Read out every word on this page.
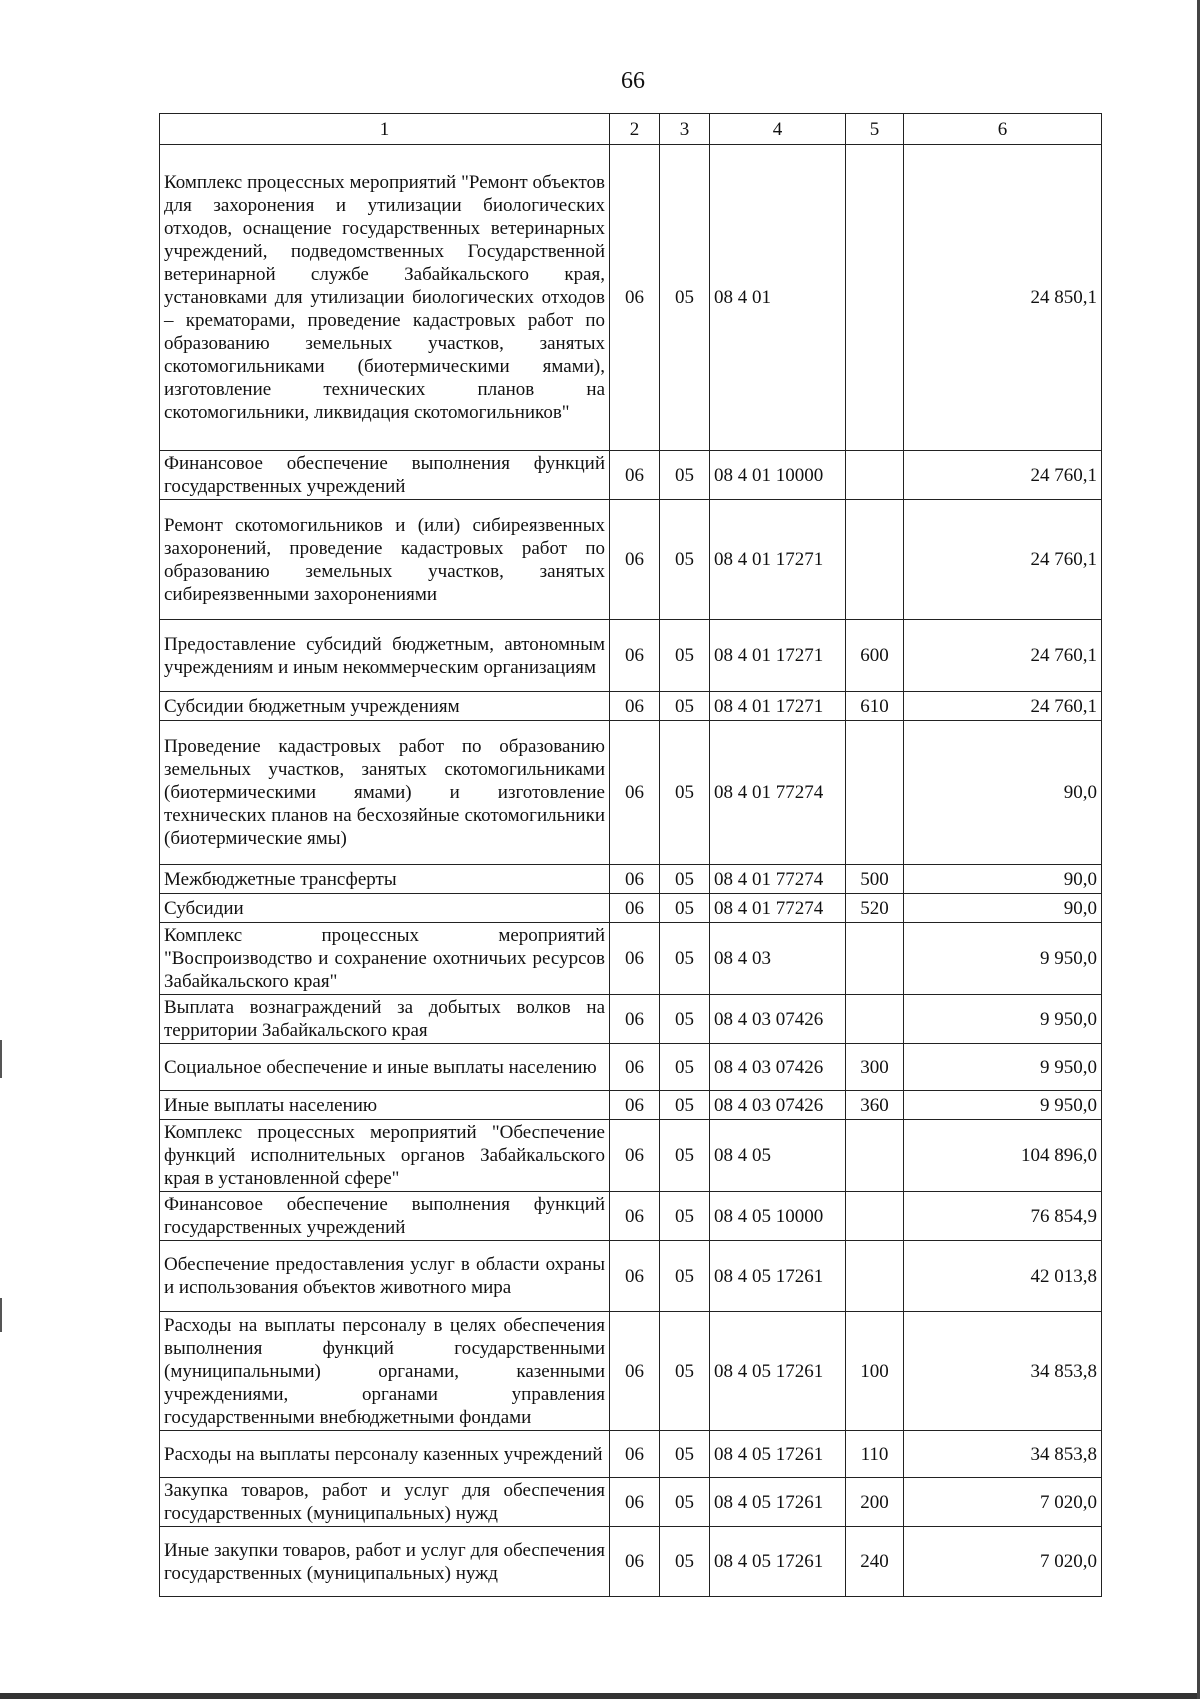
66
1	2	3	4	5	6
Комплекс процессных мероприятий "Ремонт объектов для захоронения и утилизации биологических отходов, оснащение государственных ветеринарных учреждений, подведомственных Государственной ветеринарной службе Забайкальского края, установками для утилизации биологических отходов – крематорами, проведение кадастровых работ по образованию земельных участков, занятых скотомогильниками (биотермическими ямами), изготовление технических планов на скотомогильники, ликвидация скотомогильников"	06	05	08 4 01		24 850,1
Финансовое обеспечение выполнения функций государственных учреждений	06	05	08 4 01 10000		24 760,1
Ремонт скотомогильников и (или) сибиреязвенных захоронений, проведение кадастровых работ по образованию земельных участков, занятых сибиреязвенными захоронениями	06	05	08 4 01 17271		24 760,1
Предоставление субсидий бюджетным, автономным учреждениям и иным некоммерческим организациям	06	05	08 4 01 17271	600	24 760,1
Субсидии бюджетным учреждениям	06	05	08 4 01 17271	610	24 760,1
Проведение кадастровых работ по образованию земельных участков, занятых скотомогильниками (биотермическими ямами) и изготовление технических планов на бесхозяйные скотомогильники (биотермические ямы)	06	05	08 4 01 77274		90,0
Межбюджетные трансферты	06	05	08 4 01 77274	500	90,0
Субсидии	06	05	08 4 01 77274	520	90,0
Комплекс процессных мероприятий "Воспроизводство и сохранение охотничьих ресурсов Забайкальского края"	06	05	08 4 03		9 950,0
Выплата вознаграждений за добытых волков на территории Забайкальского края	06	05	08 4 03 07426		9 950,0
Социальное обеспечение и иные выплаты населению	06	05	08 4 03 07426	300	9 950,0
Иные выплаты населению	06	05	08 4 03 07426	360	9 950,0
Комплекс процессных мероприятий "Обеспечение функций исполнительных органов Забайкальского края в установленной сфере"	06	05	08 4 05		104 896,0
Финансовое обеспечение выполнения функций государственных учреждений	06	05	08 4 05 10000		76 854,9
Обеспечение предоставления услуг в области охраны и использования объектов животного мира	06	05	08 4 05 17261		42 013,8
Расходы на выплаты персоналу в целях обеспечения выполнения функций государственными (муниципальными) органами, казенными учреждениями, органами управления государственными внебюджетными фондами	06	05	08 4 05 17261	100	34 853,8
Расходы на выплаты персоналу казенных учреждений	06	05	08 4 05 17261	110	34 853,8
Закупка товаров, работ и услуг для обеспечения государственных (муниципальных) нужд	06	05	08 4 05 17261	200	7 020,0
Иные закупки товаров, работ и услуг для обеспечения государственных (муниципальных) нужд	06	05	08 4 05 17261	240	7 020,0
